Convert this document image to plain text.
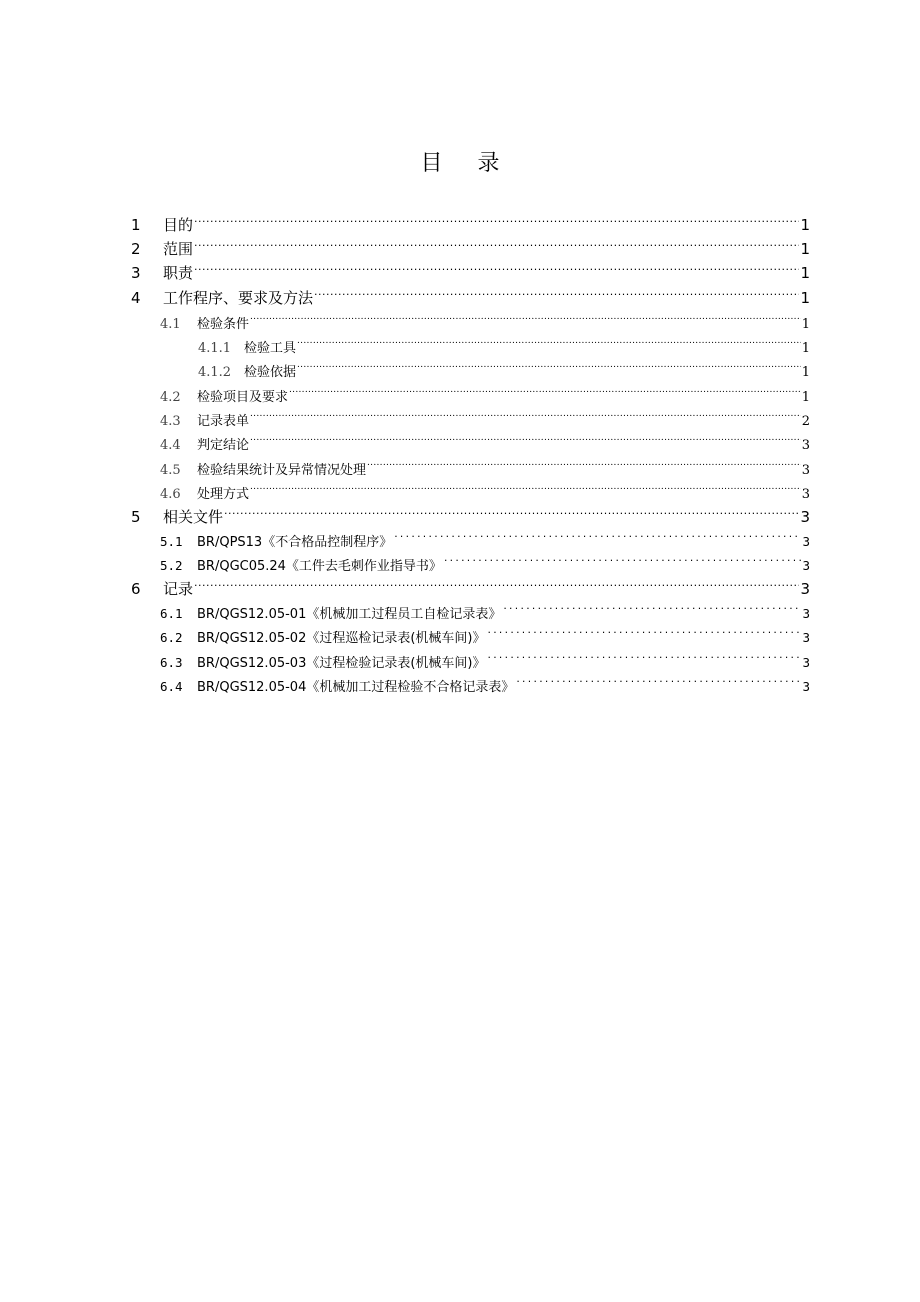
目 录
1	目的 .....	1
2	范围 .....	1
3	职责 .....	1
4	工作程序、要求及方法 .....	1
4.1	检验条件 .....	1
4.1.1 检验工具 .....	1
4.1.2 检验依据 .....	1
4.2	检验项目及要求 .....	1
4.3	记录表单 .....	2
4.4	判定结论 .....	3
4.5	检验结果统计及异常情况处理 .....	3
4.6	处理方式 .....	3
5	相关文件 .....	3
5.1	BR/QPS13《不合格品控制程序》 .....	3
5.2	BR/QGC05.24《工件去毛刺作业指导书》 .....	3
6	记录 .....	3
6.1	BR/QGS12.05-01《机械加工过程员工自检记录表》 .....	3
6.2	BR/QGS12.05-02《过程巡检记录表(机械车间)》 .....	3
6.3	BR/QGS12.05-03《过程检验记录表(机械车间)》 .....	3
6.4	BR/QGS12.05-04《机械加工过程检验不合格记录表》 .....	3
